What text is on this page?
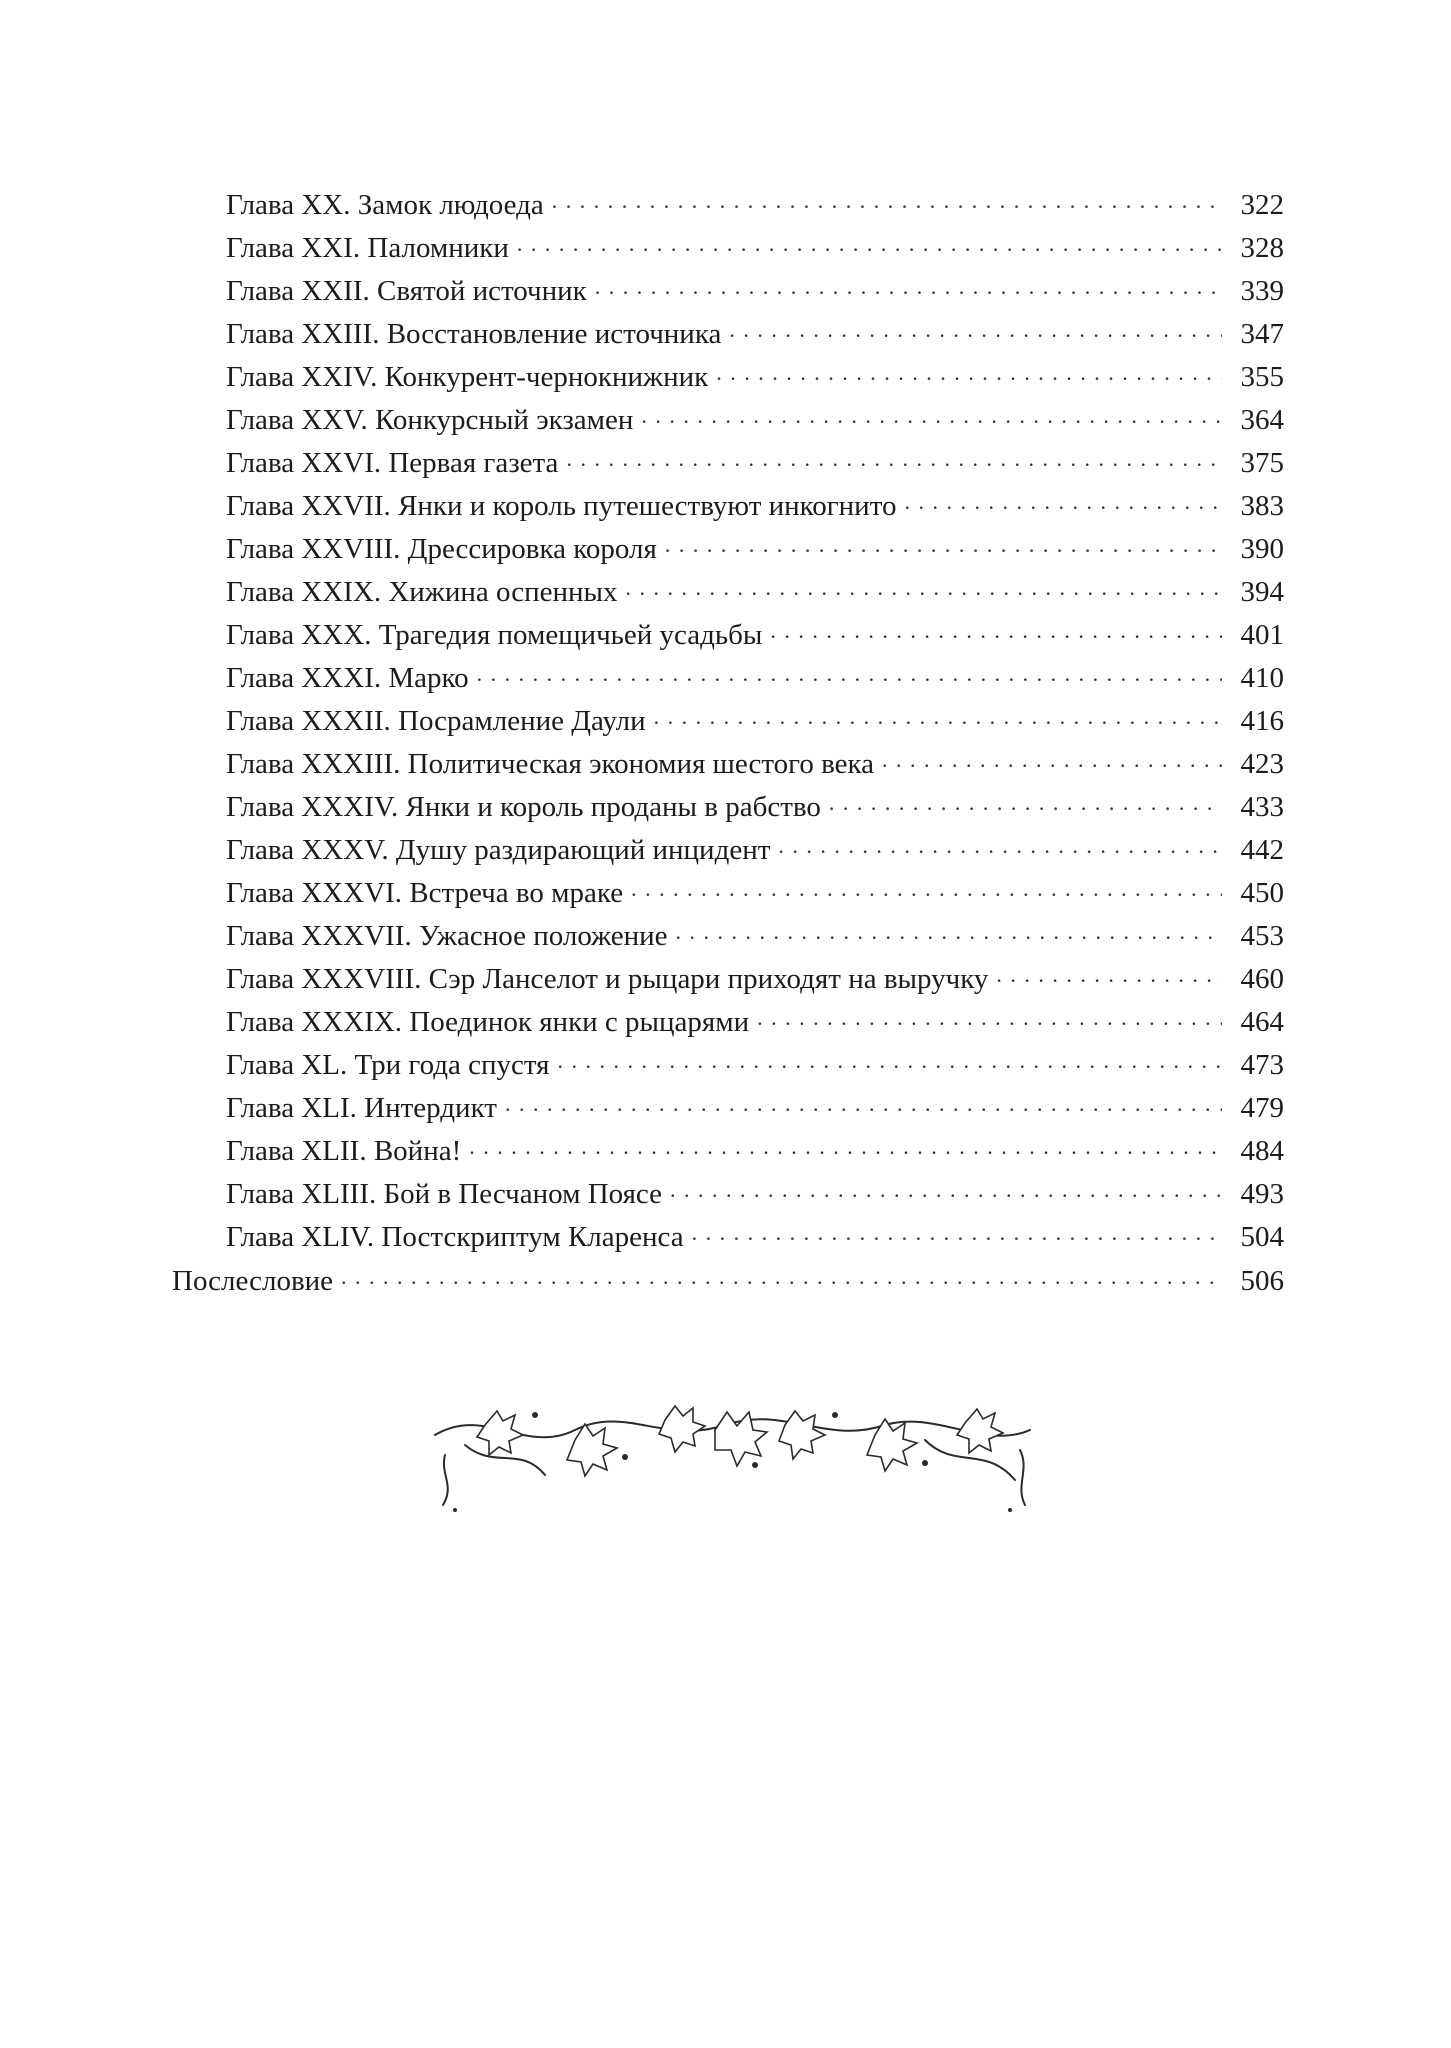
Глава XX. Замок людоеда . . .	322
Глава XXI. Паломники . . .	328
Глава XXII. Святой источник . . .	339
Глава XXIII. Восстановление источника . . .	347
Глава XXIV. Конкурент-чернокнижник . . .	355
Глава XXV. Конкурсный экзамен . . .	364
Глава XXVI. Первая газета . . .	375
Глава XXVII. Янки и король путешествуют инкогнито . . .	383
Глава XXVIII. Дрессировка короля . . .	390
Глава XXIX. Хижина оспенных . . .	394
Глава XXX. Трагедия помещичьей усадьбы . . .	401
Глава XXXI. Марко . . .	410
Глава XXXII. Посрамление Даули . . .	416
Глава XXXIII. Политическая экономия шестого века . . .	423
Глава XXXIV. Янки и король проданы в рабство . . .	433
Глава XXXV. Душу раздирающий инцидент . . .	442
Глава XXXVI. Встреча во мраке . . .	450
Глава XXXVII. Ужасное положение . . .	453
Глава XXXVIII. Сэр Ланселот и рыцари приходят на выручку . . .	460
Глава XXXIX. Поединок янки с рыцарями . . .	464
Глава XL. Три года спустя . . .	473
Глава XLI. Интердикт . . .	479
Глава XLII. Война! . . .	484
Глава XLIII. Бой в Песчаном Поясе . . .	493
Глава XLIV. Постскриптум Кларенса . . .	504
Послесловие . . .	506
